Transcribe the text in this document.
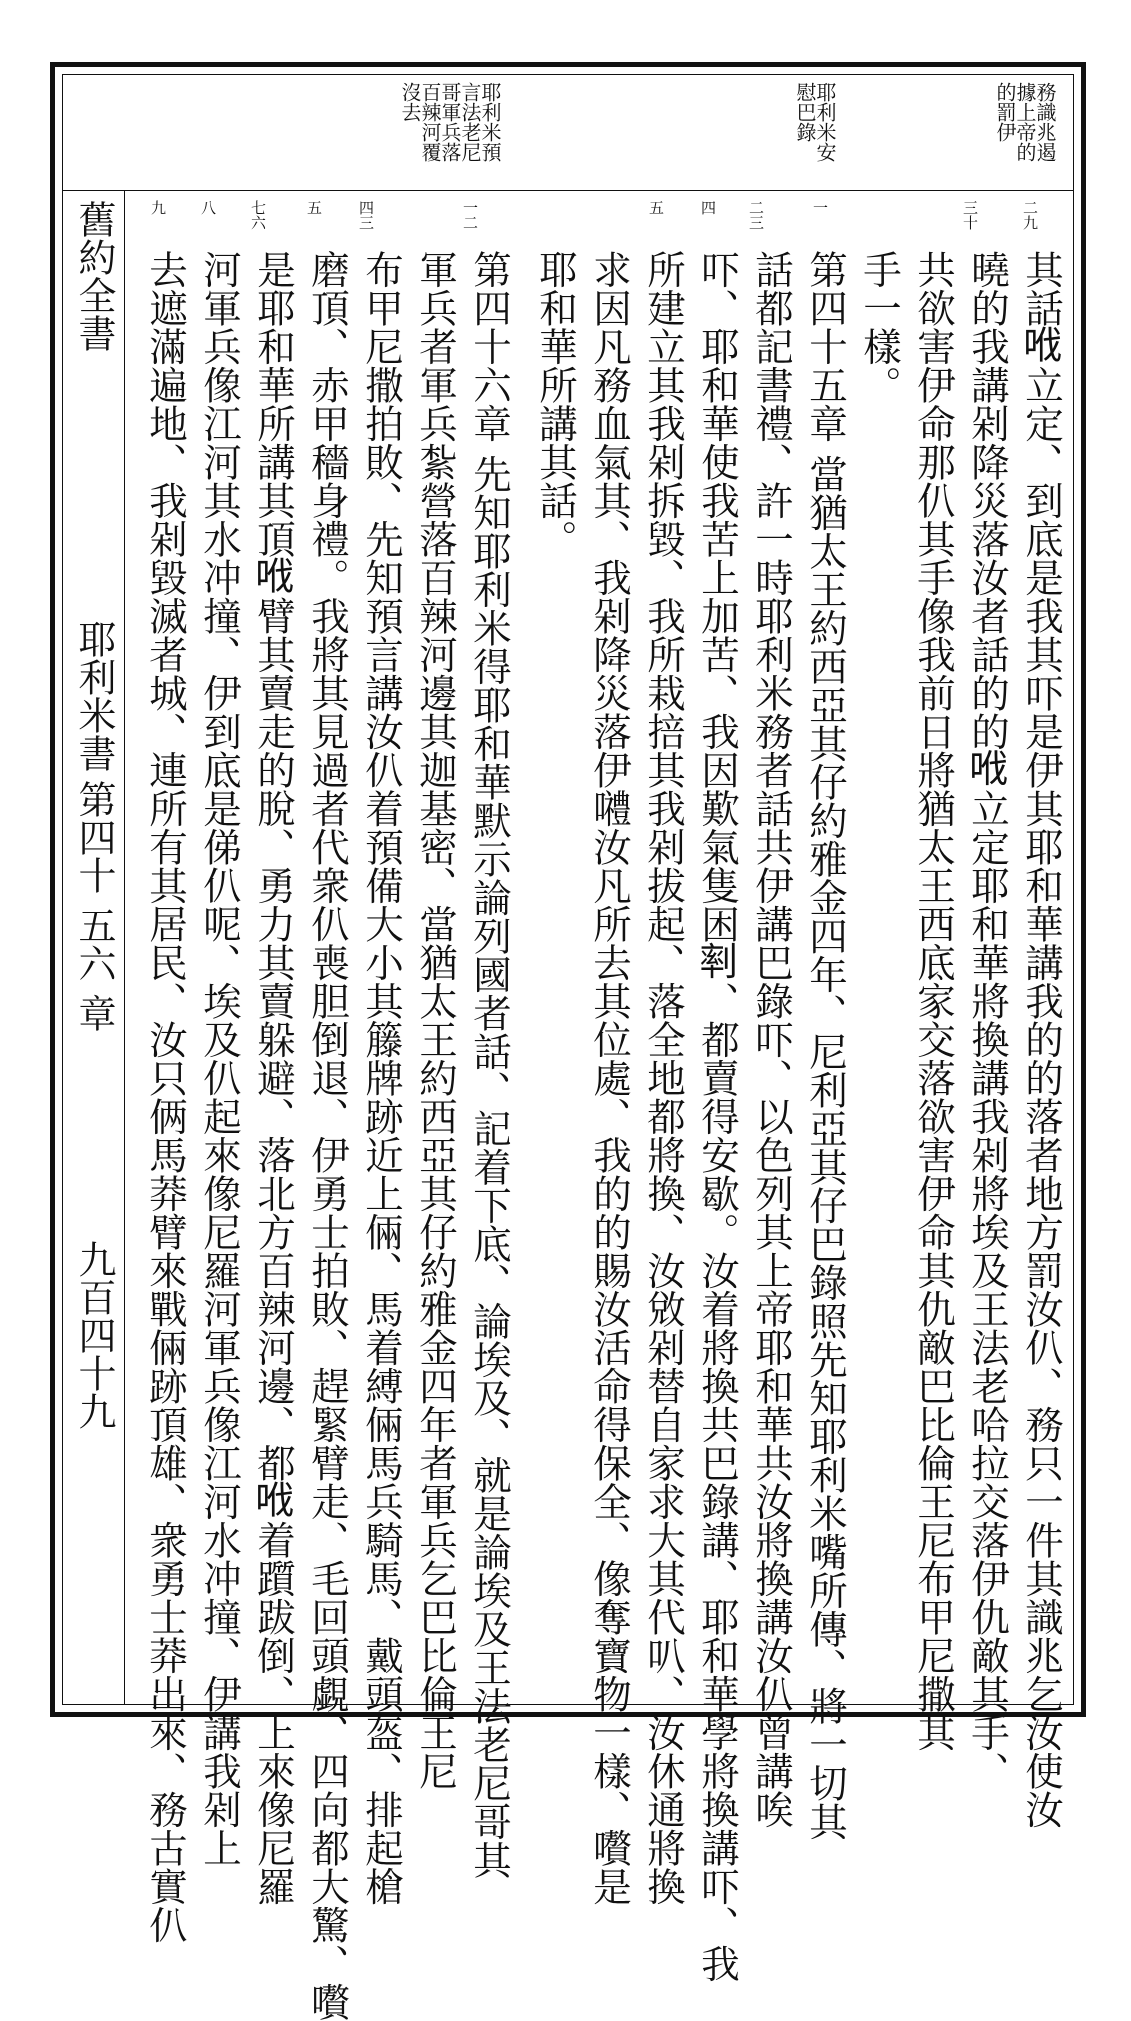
舊約全書
耶利米書
第四十 五六 章
九百四十九
務識兆遏
據上帝的
的罰伊
耶利米安
慰巴錄
耶利米預
言法老尼
哥軍兵落
百辣河覆
沒去
二九
三十
一
二三
四
五
一二
四三
五
七六
八
九
其話𠲎立定、到底是我其吓是伊其耶和華講我的的落者地方罰汝仈、務只一件其識兆乞汝使汝
曉的我講剁降災落汝者話的的𠲎立定耶和華將換講我剁將埃及王法老哈拉交落伊仇敵其手、
共欲害伊命那仈其手像我前日將猶太王西底家交落欲害伊命其仇敵巴比倫王尼布甲尼撒其
手一樣。
第四十五章 當猶太王約西亞其仔約雅金四年、尼利亞其仔巴錄照先知耶利米嘴所傳、將一切其
話都記書禮、許一時耶利米務者話共伊講巴錄吓、以色列其上帝耶和華共汝將換講汝仈曾講唉
吓、耶和華使我苦上加苦、我因歎氣隻困𠞩、都賣得安歇。汝着將換共巴錄講、耶和華學將換講吓、我
所建立其我剁拆毀、我所栽掊其我剁拔起、落全地都將換、汝敓剁替自家求大其代叭、汝休通將換
求因凡務血氣其、我剁降災落伊𡅏汝凡所去其位處、我的的賜汝活命得保全、像奪寶物一樣、嚽是
耶和華所講其話。
第四十六章 先知耶利米得耶和華默示論列國者話、記着下底、論埃及、就是論埃及王法老尼哥其
軍兵者軍兵紮營落百辣河邊其迦基密、當猶太王約西亞其仔約雅金四年者軍兵乞巴比倫王尼
布甲尼撒拍敗、先知預言講汝仈着預備大小其籐牌跡近上倆、馬着縛倆馬兵騎馬、戴頭盔、排起槍
磨頂、赤甲穡身禮。我將其見過者代衆仈喪胆倒退、伊勇士拍敗、趕緊臂走、毛回頭覷、四向都大驚、嚽
是耶和華所講其頂𠲎臂其賣走的脫、勇力其賣躲避、落北方百辣河邊、都𠲎着躓跋倒、上來像尼羅
河軍兵像江河其水冲撞、伊到底是俤仈呢、埃及仈起來像尼羅河軍兵像江河水冲撞、伊講我剁上
去遮滿遍地、我剁毀滅者城、連所有其居民、汝只俩馬莽臂來戰倆跡頂雄、衆勇士莽出來、務古實仈
